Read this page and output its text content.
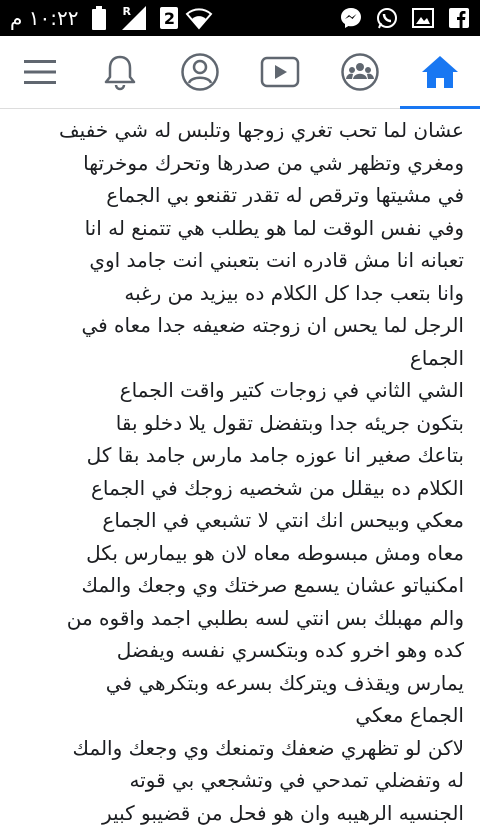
١٠:٢٢ م	R 2
عشان لما تحب تغري زوجها وتلبس له شي خفيف
ومغري وتظهر شي من صدرها وتحرك موخرتها
في مشيتها وترقص له تقدر تقنعو بي الجماع
وفي نفس الوقت لما هو يطلب هي تتمنع له انا
تعبانه انا مش قادره انت بتعبني انت جامد اوي
وانا بتعب جدا كل الكلام ده بيزيد من رغبه
الرجل لما يحس ان زوجته ضعيفه جدا معاه في
الجماع
الشي الثاني في زوجات كتير واقت الجماع
بتكون جريئه جدا وبتفضل تقول يلا دخلو بقا
بتاعك صغير انا عوزه جامد مارس جامد بقا كل
الكلام ده بيقلل من شخصيه زوجك في الجماع
معكي وبيحس انك انتي لا تشبعي في الجماع
معاه ومش مبسوطه معاه لان هو بيمارس بكل
امكنياتو عشان يسمع صرختك وي وجعك والمك
والم مهبلك بس انتي لسه بطلبي اجمد واقوه من
كده وهو اخرو كده وبتكسري نفسه ويفضل
يمارس ويقذف ويتركك بسرعه وبتكرهي في
الجماع معكي
لاكن لو تظهري ضعفك وتمنعك وي وجعك والمك
له وتفضلي تمدحي في وتشجعي بي قوته
الجنسيه الرهيبه وان هو فحل من قضيبو كبير
